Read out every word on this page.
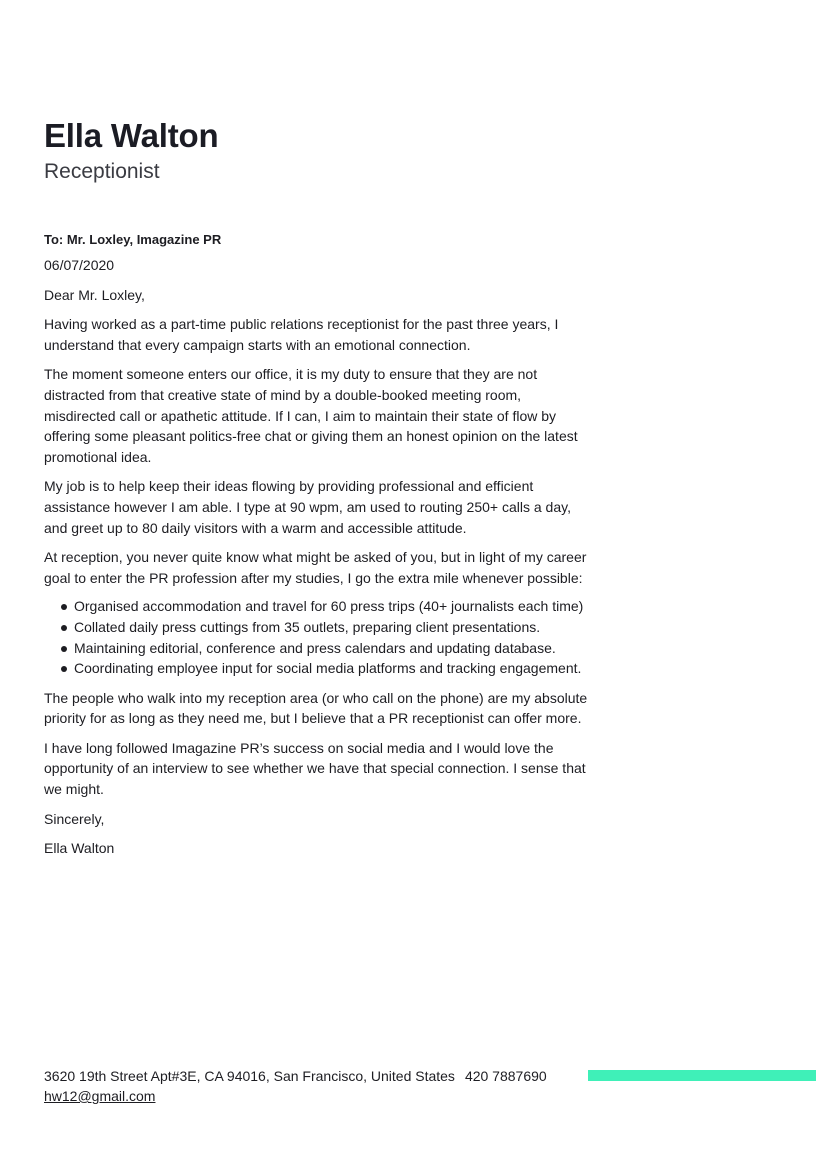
Ella Walton
Receptionist
To: Mr. Loxley, Imagazine PR
06/07/2020
Dear Mr. Loxley,

Having worked as a part-time public relations receptionist for the past three years, I understand that every campaign starts with an emotional connection.

The moment someone enters our office, it is my duty to ensure that they are not distracted from that creative state of mind by a double-booked meeting room, misdirected call or apathetic attitude. If I can, I aim to maintain their state of flow by offering some pleasant politics-free chat or giving them an honest opinion on the latest promotional idea.

My job is to help keep their ideas flowing by providing professional and efficient assistance however I am able. I type at 90 wpm, am used to routing 250+ calls a day, and greet up to 80 daily visitors with a warm and accessible attitude.

At reception, you never quite know what might be asked of you, but in light of my career goal to enter the PR profession after my studies, I go the extra mile whenever possible:

Organised accommodation and travel for 60 press trips (40+ journalists each time)
Collated daily press cuttings from 35 outlets, preparing client presentations.
Maintaining editorial, conference and press calendars and updating database.
Coordinating employee input for social media platforms and tracking engagement.

The people who walk into my reception area (or who call on the phone) are my absolute priority for as long as they need me, but I believe that a PR receptionist can offer more.

I have long followed Imagazine PR’s success on social media and I would love the opportunity of an interview to see whether we have that special connection. I sense that we might.

Sincerely,
Ella Walton
3620 19th Street Apt#3E, CA 94016, San Francisco, United States 420 7887690
hw12@gmail.com
